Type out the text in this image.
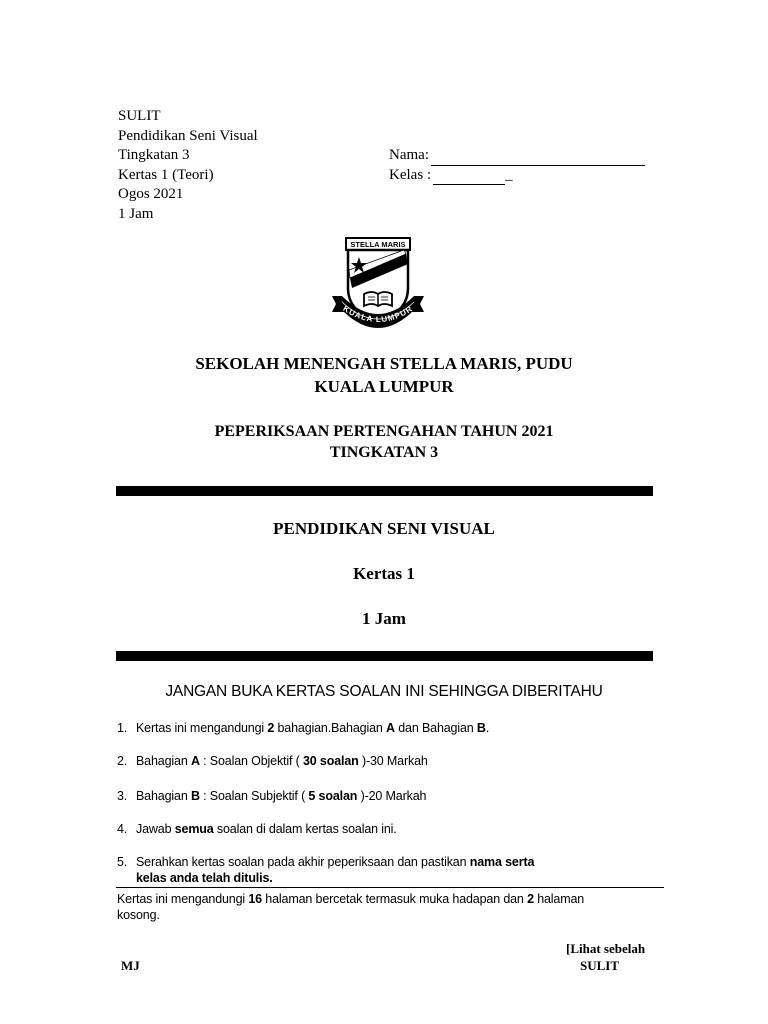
SULIT
Pendidikan Seni Visual
Tingkatan 3
Kertas 1 (Teori)
Ogos 2021
1 Jam
Nama:
Kelas :	_
STELLA MARIS
KUALA LUMPUR
SEKOLAH MENENGAH STELLA MARIS, PUDU
KUALA LUMPUR
PEPERIKSAAN PERTENGAHAN TAHUN 2021
TINGKATAN 3
PENDIDIKAN SENI VISUAL
Kertas 1
1 Jam
JANGAN BUKA KERTAS SOALAN INI SEHINGGA DIBERITAHU
1. Kertas ini mengandungi 2 bahagian.Bahagian A dan Bahagian B.
2. Bahagian A : Soalan Objektif ( 30 soalan )-30 Markah
3. Bahagian B : Soalan Subjektif ( 5 soalan )-20 Markah
4. Jawab semua soalan di dalam kertas soalan ini.
5. Serahkan kertas soalan pada akhir peperiksaan dan pastikan nama serta
kelas anda telah ditulis.
Kertas ini mengandungi 16 halaman bercetak termasuk muka hadapan dan 2 halaman kosong.
MJ
[Lihat sebelah
SULIT
